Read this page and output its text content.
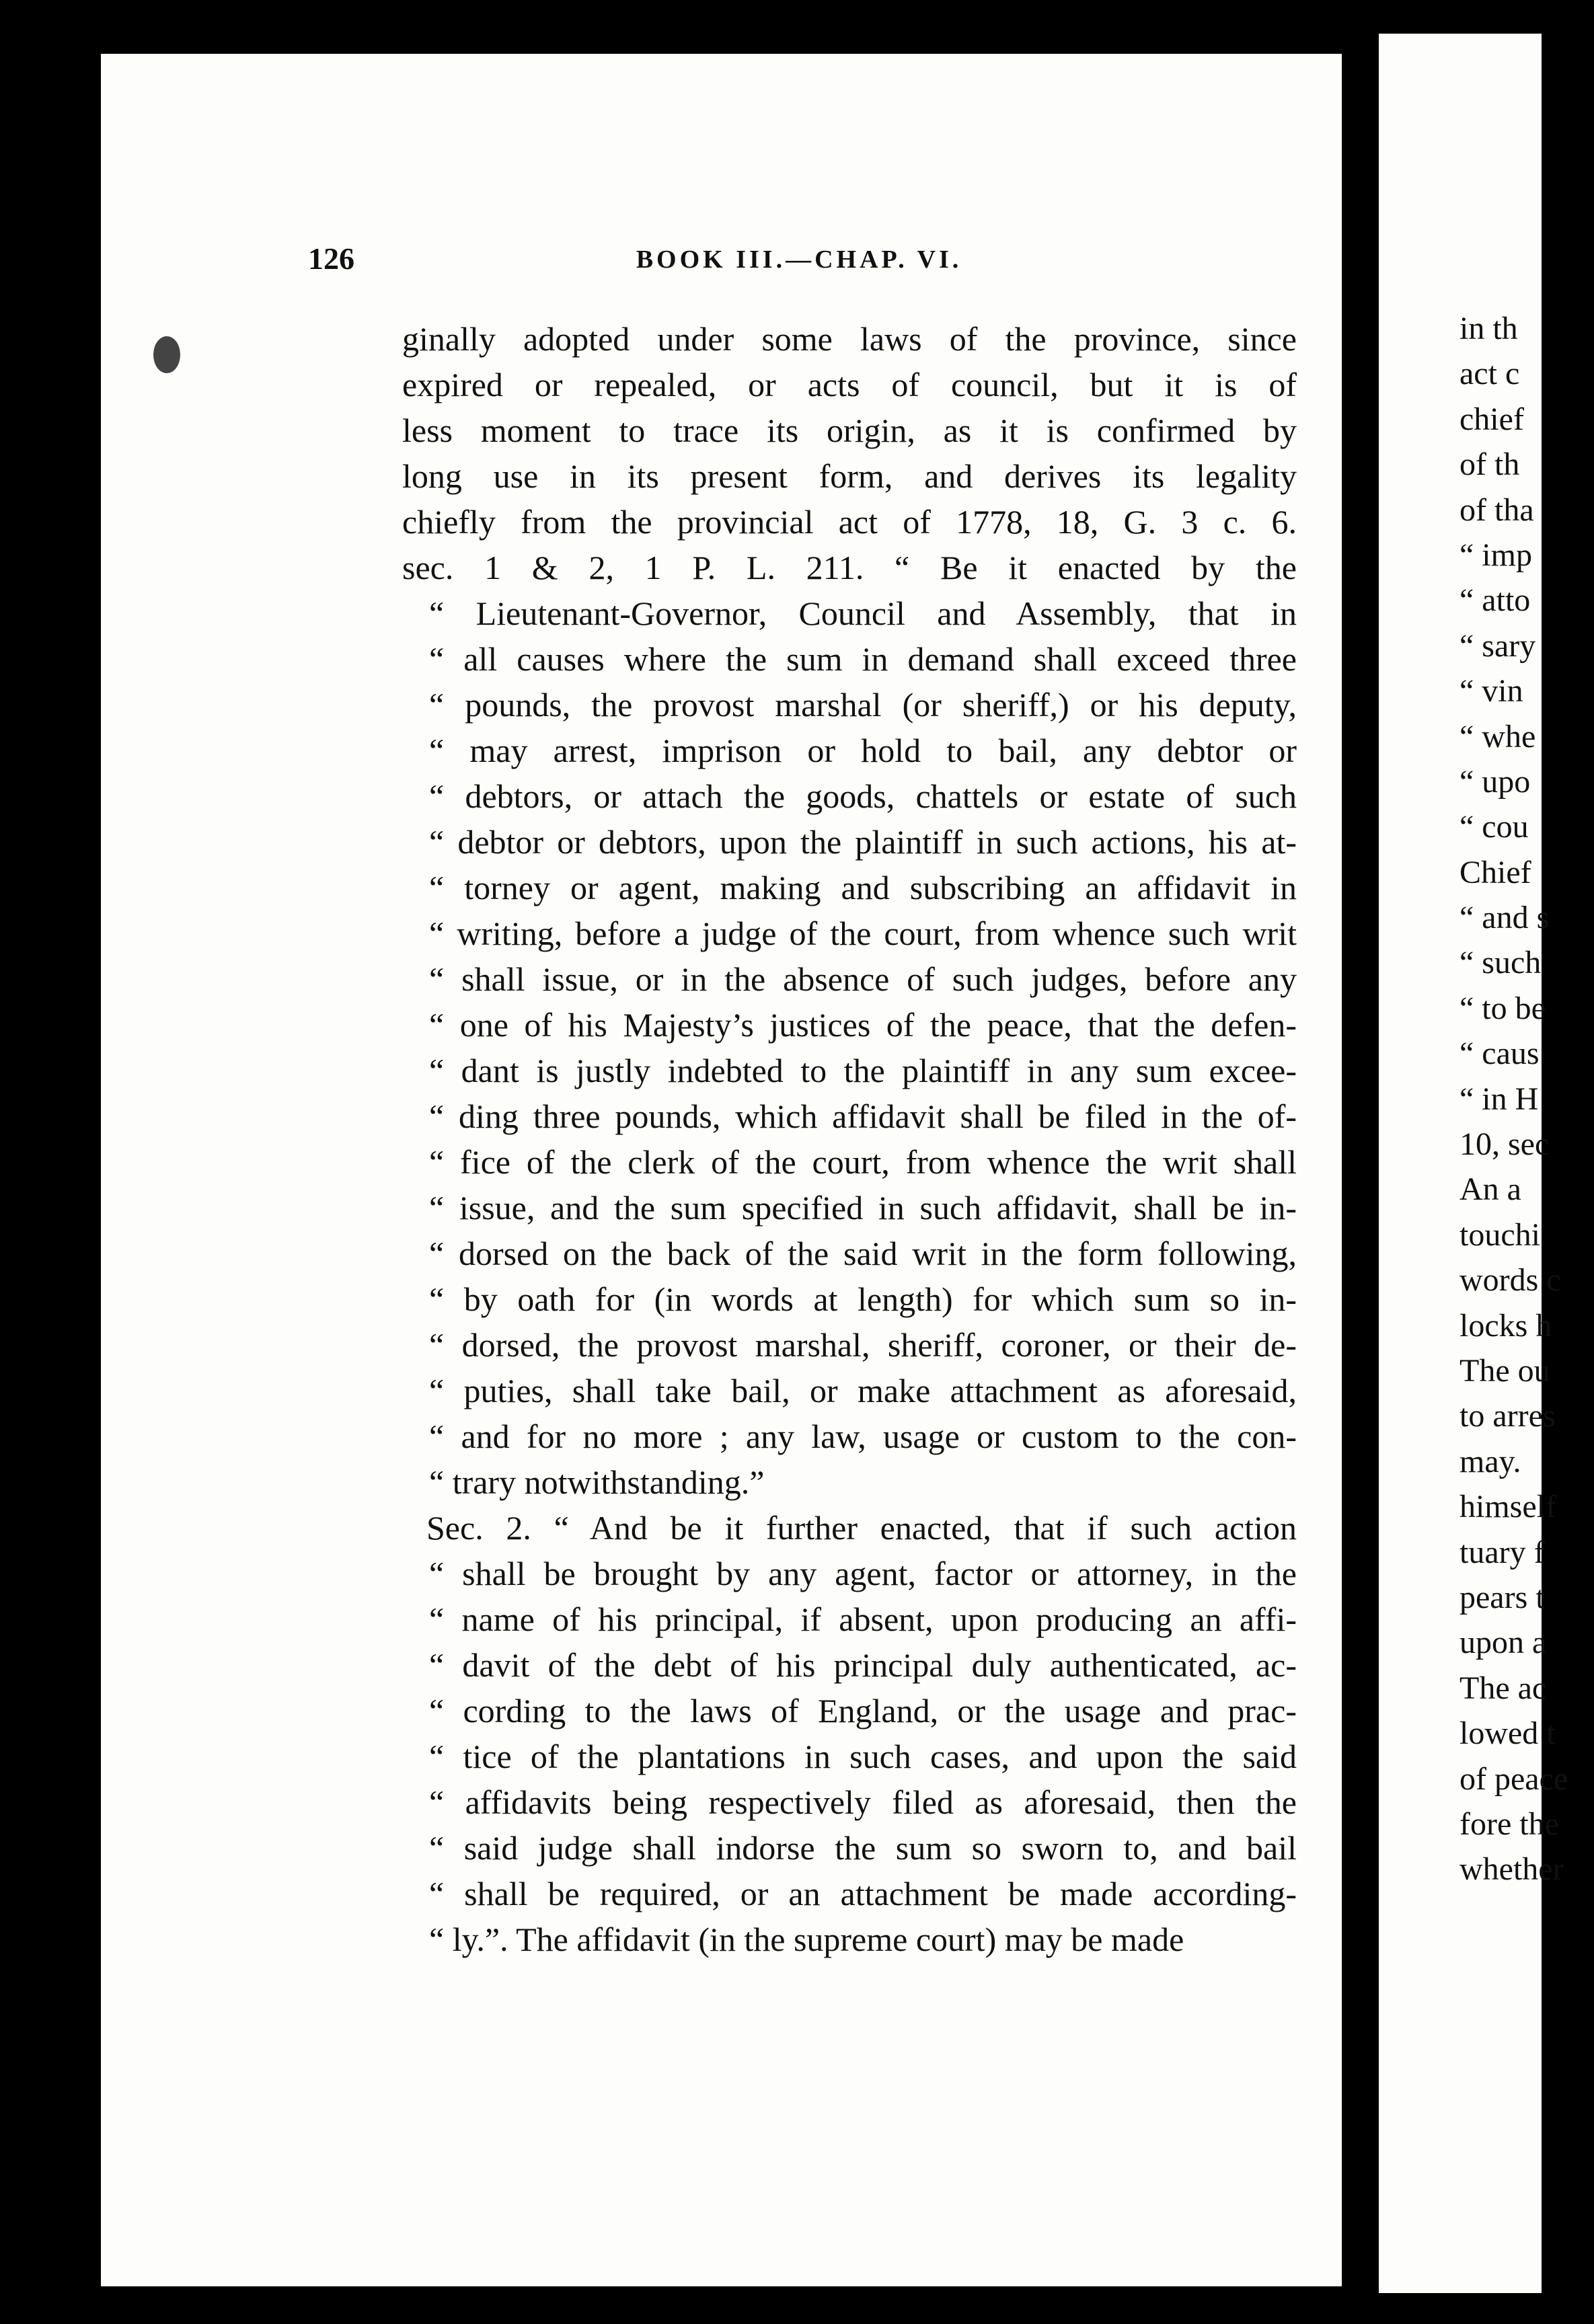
126	BOOK III.—CHAP. VI.
ginally adopted under some laws of the province, since
expired or repealed, or acts of council, but it is of
less moment to trace its origin, as it is confirmed by
long use in its present form, and derives its legality
chiefly from the provincial act of 1778, 18, G. 3 c. 6.
sec. 1 & 2, 1 P. L. 211. “ Be it enacted by the
“ Lieutenant-Governor, Council and Assembly, that in
“ all causes where the sum in demand shall exceed three
“ pounds, the provost marshal (or sheriff,) or his deputy,
“ may arrest, imprison or hold to bail, any debtor or
“ debtors, or attach the goods, chattels or estate of such
“ debtor or debtors, upon the plaintiff in such actions, his at-
“ torney or agent, making and subscribing an affidavit in
“ writing, before a judge of the court, from whence such writ
“ shall issue, or in the absence of such judges, before any
“ one of his Majesty’s justices of the peace, that the defen-
“ dant is justly indebted to the plaintiff in any sum excee-
“ ding three pounds, which affidavit shall be filed in the of-
“ fice of the clerk of the court, from whence the writ shall
“ issue, and the sum specified in such affidavit, shall be in-
“ dorsed on the back of the said writ in the form following,
“ by oath for (in words at length) for which sum so in-
“ dorsed, the provost marshal, sheriff, coroner, or their de-
“ puties, shall take bail, or make attachment as aforesaid,
“ and for no more ; any law, usage or custom to the con-
“ trary notwithstanding.”
Sec. 2. “ And be it further enacted, that if such action
“ shall be brought by any agent, factor or attorney, in the
“ name of his principal, if absent, upon producing an affi-
“ davit of the debt of his principal duly authenticated, ac-
“ cording to the laws of England, or the usage and prac-
“ tice of the plantations in such cases, and upon the said
“ affidavits being respectively filed as aforesaid, then the
“ said judge shall indorse the sum so sworn to, and bail
“ shall be required, or an attachment be made according-
“ ly.”. The affidavit (in the supreme court) may be made
in th
act c
chief
of th
of tha
“ imp
“ atto
“ sary
“ vin
“ whe
“ upo
“ cou
Chief
“ and s
“ such
“ to be
“ caus
“ in H
10, sec
An a
touchi
words c
locks h
The ou
to arres
may.
himself
tuary f
pears t
upon a
The ac
lowed t
of peace
fore the
whether
